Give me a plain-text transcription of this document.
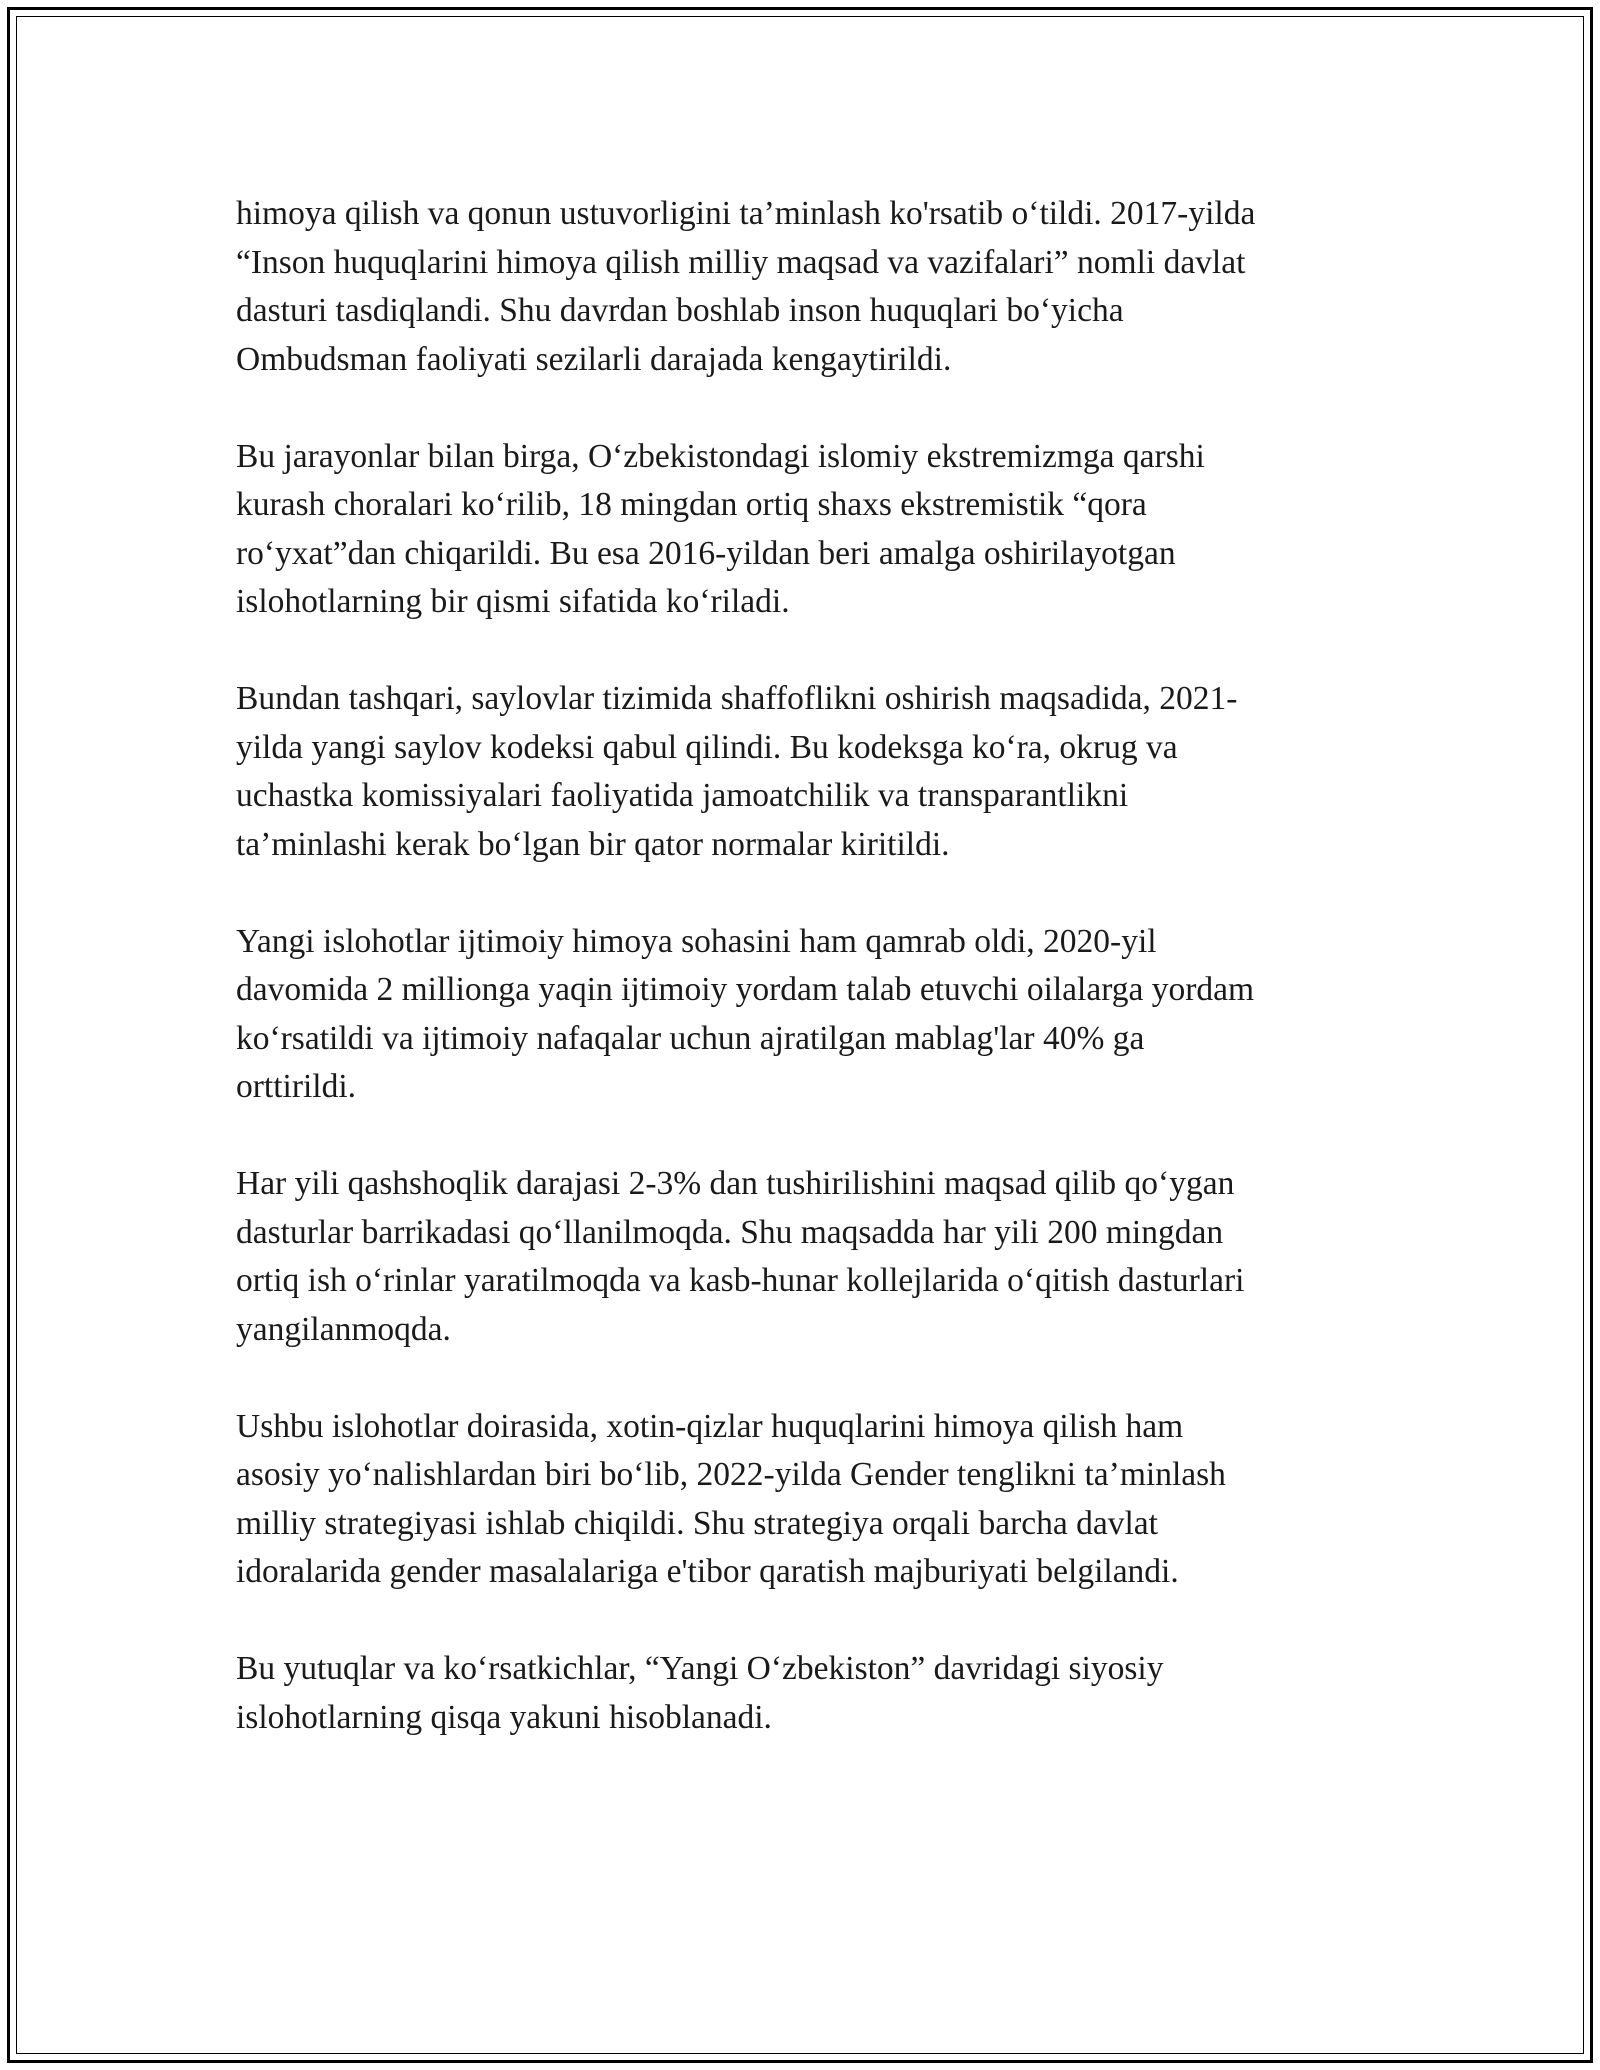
himoya qilish va qonun ustuvorligini ta’minlash ko'rsatib o‘tildi. 2017-yilda
“Inson huquqlarini himoya qilish milliy maqsad va vazifalari” nomli davlat
dasturi tasdiqlandi. Shu davrdan boshlab inson huquqlari bo‘yicha
Ombudsman faoliyati sezilarli darajada kengaytirildi.

Bu jarayonlar bilan birga, O‘zbekistondagi islomiy ekstremizmga qarshi
kurash choralari ko‘rilib, 18 mingdan ortiq shaxs ekstremistik “qora
ro‘yxat”dan chiqarildi. Bu esa 2016-yildan beri amalga oshirilayotgan
islohotlarning bir qismi sifatida ko‘riladi.

Bundan tashqari, saylovlar tizimida shaffoflikni oshirish maqsadida, 2021-
yilda yangi saylov kodeksi qabul qilindi. Bu kodeksga ko‘ra, okrug va
uchastka komissiyalari faoliyatida jamoatchilik va transparantlikni
ta’minlashi kerak bo‘lgan bir qator normalar kiritildi.

Yangi islohotlar ijtimoiy himoya sohasini ham qamrab oldi, 2020-yil
davomida 2 millionga yaqin ijtimoiy yordam talab etuvchi oilalarga yordam
ko‘rsatildi va ijtimoiy nafaqalar uchun ajratilgan mablag'lar 40% ga
orttirildi.

Har yili qashshoqlik darajasi 2-3% dan tushirilishini maqsad qilib qo‘ygan
dasturlar barrikadasi qo‘llanilmoqda. Shu maqsadda har yili 200 mingdan
ortiq ish o‘rinlar yaratilmoqda va kasb-hunar kollejlarida o‘qitish dasturlari
yangilanmoqda.

Ushbu islohotlar doirasida, xotin-qizlar huquqlarini himoya qilish ham
asosiy yo‘nalishlardan biri bo‘lib, 2022-yilda Gender tenglikni ta’minlash
milliy strategiyasi ishlab chiqildi. Shu strategiya orqali barcha davlat
idoralarida gender masalalariga e'tibor qaratish majburiyati belgilandi.

Bu yutuqlar va ko‘rsatkichlar, “Yangi O‘zbekiston” davridagi siyosiy
islohotlarning qisqa yakuni hisoblanadi.
